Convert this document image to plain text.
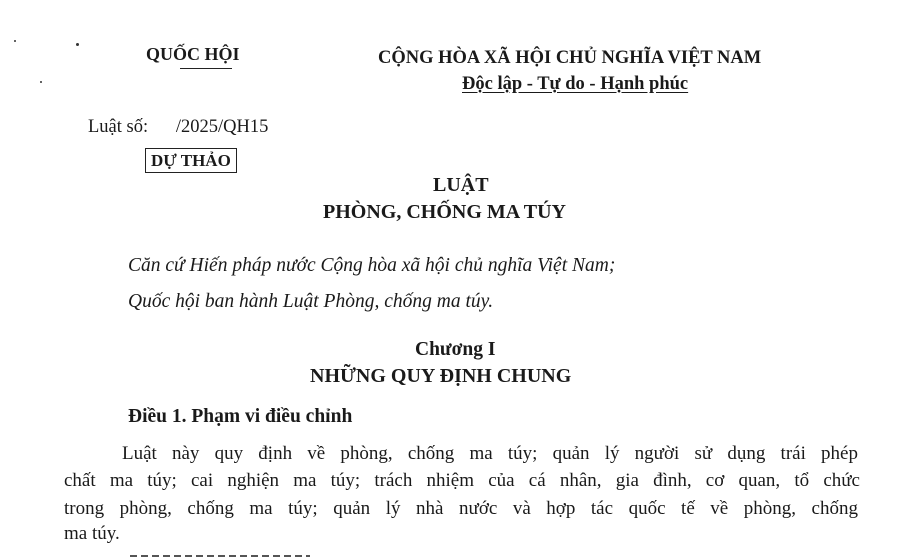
QUỐC HỘI	CỘNG HÒA XÃ HỘI CHỦ NGHĨA VIỆT NAM
Độc lập - Tự do - Hạnh phúc
Luật số:      /2025/QH15
DỰ THẢO
LUẬT
PHÒNG, CHỐNG MA TÚY
Căn cứ Hiến pháp nước Cộng hòa xã hội chủ nghĩa Việt Nam;
Quốc hội ban hành Luật Phòng, chống ma túy.
Chương I
NHỮNG QUY ĐỊNH CHUNG
Điều 1. Phạm vi điều chỉnh
Luật này quy định về phòng, chống ma túy; quản lý người sử dụng trái phép
chất ma túy; cai nghiện ma túy; trách nhiệm của cá nhân, gia đình, cơ quan, tổ chức
trong phòng, chống ma túy; quản lý nhà nước và hợp tác quốc tế về phòng, chống
ma túy.
